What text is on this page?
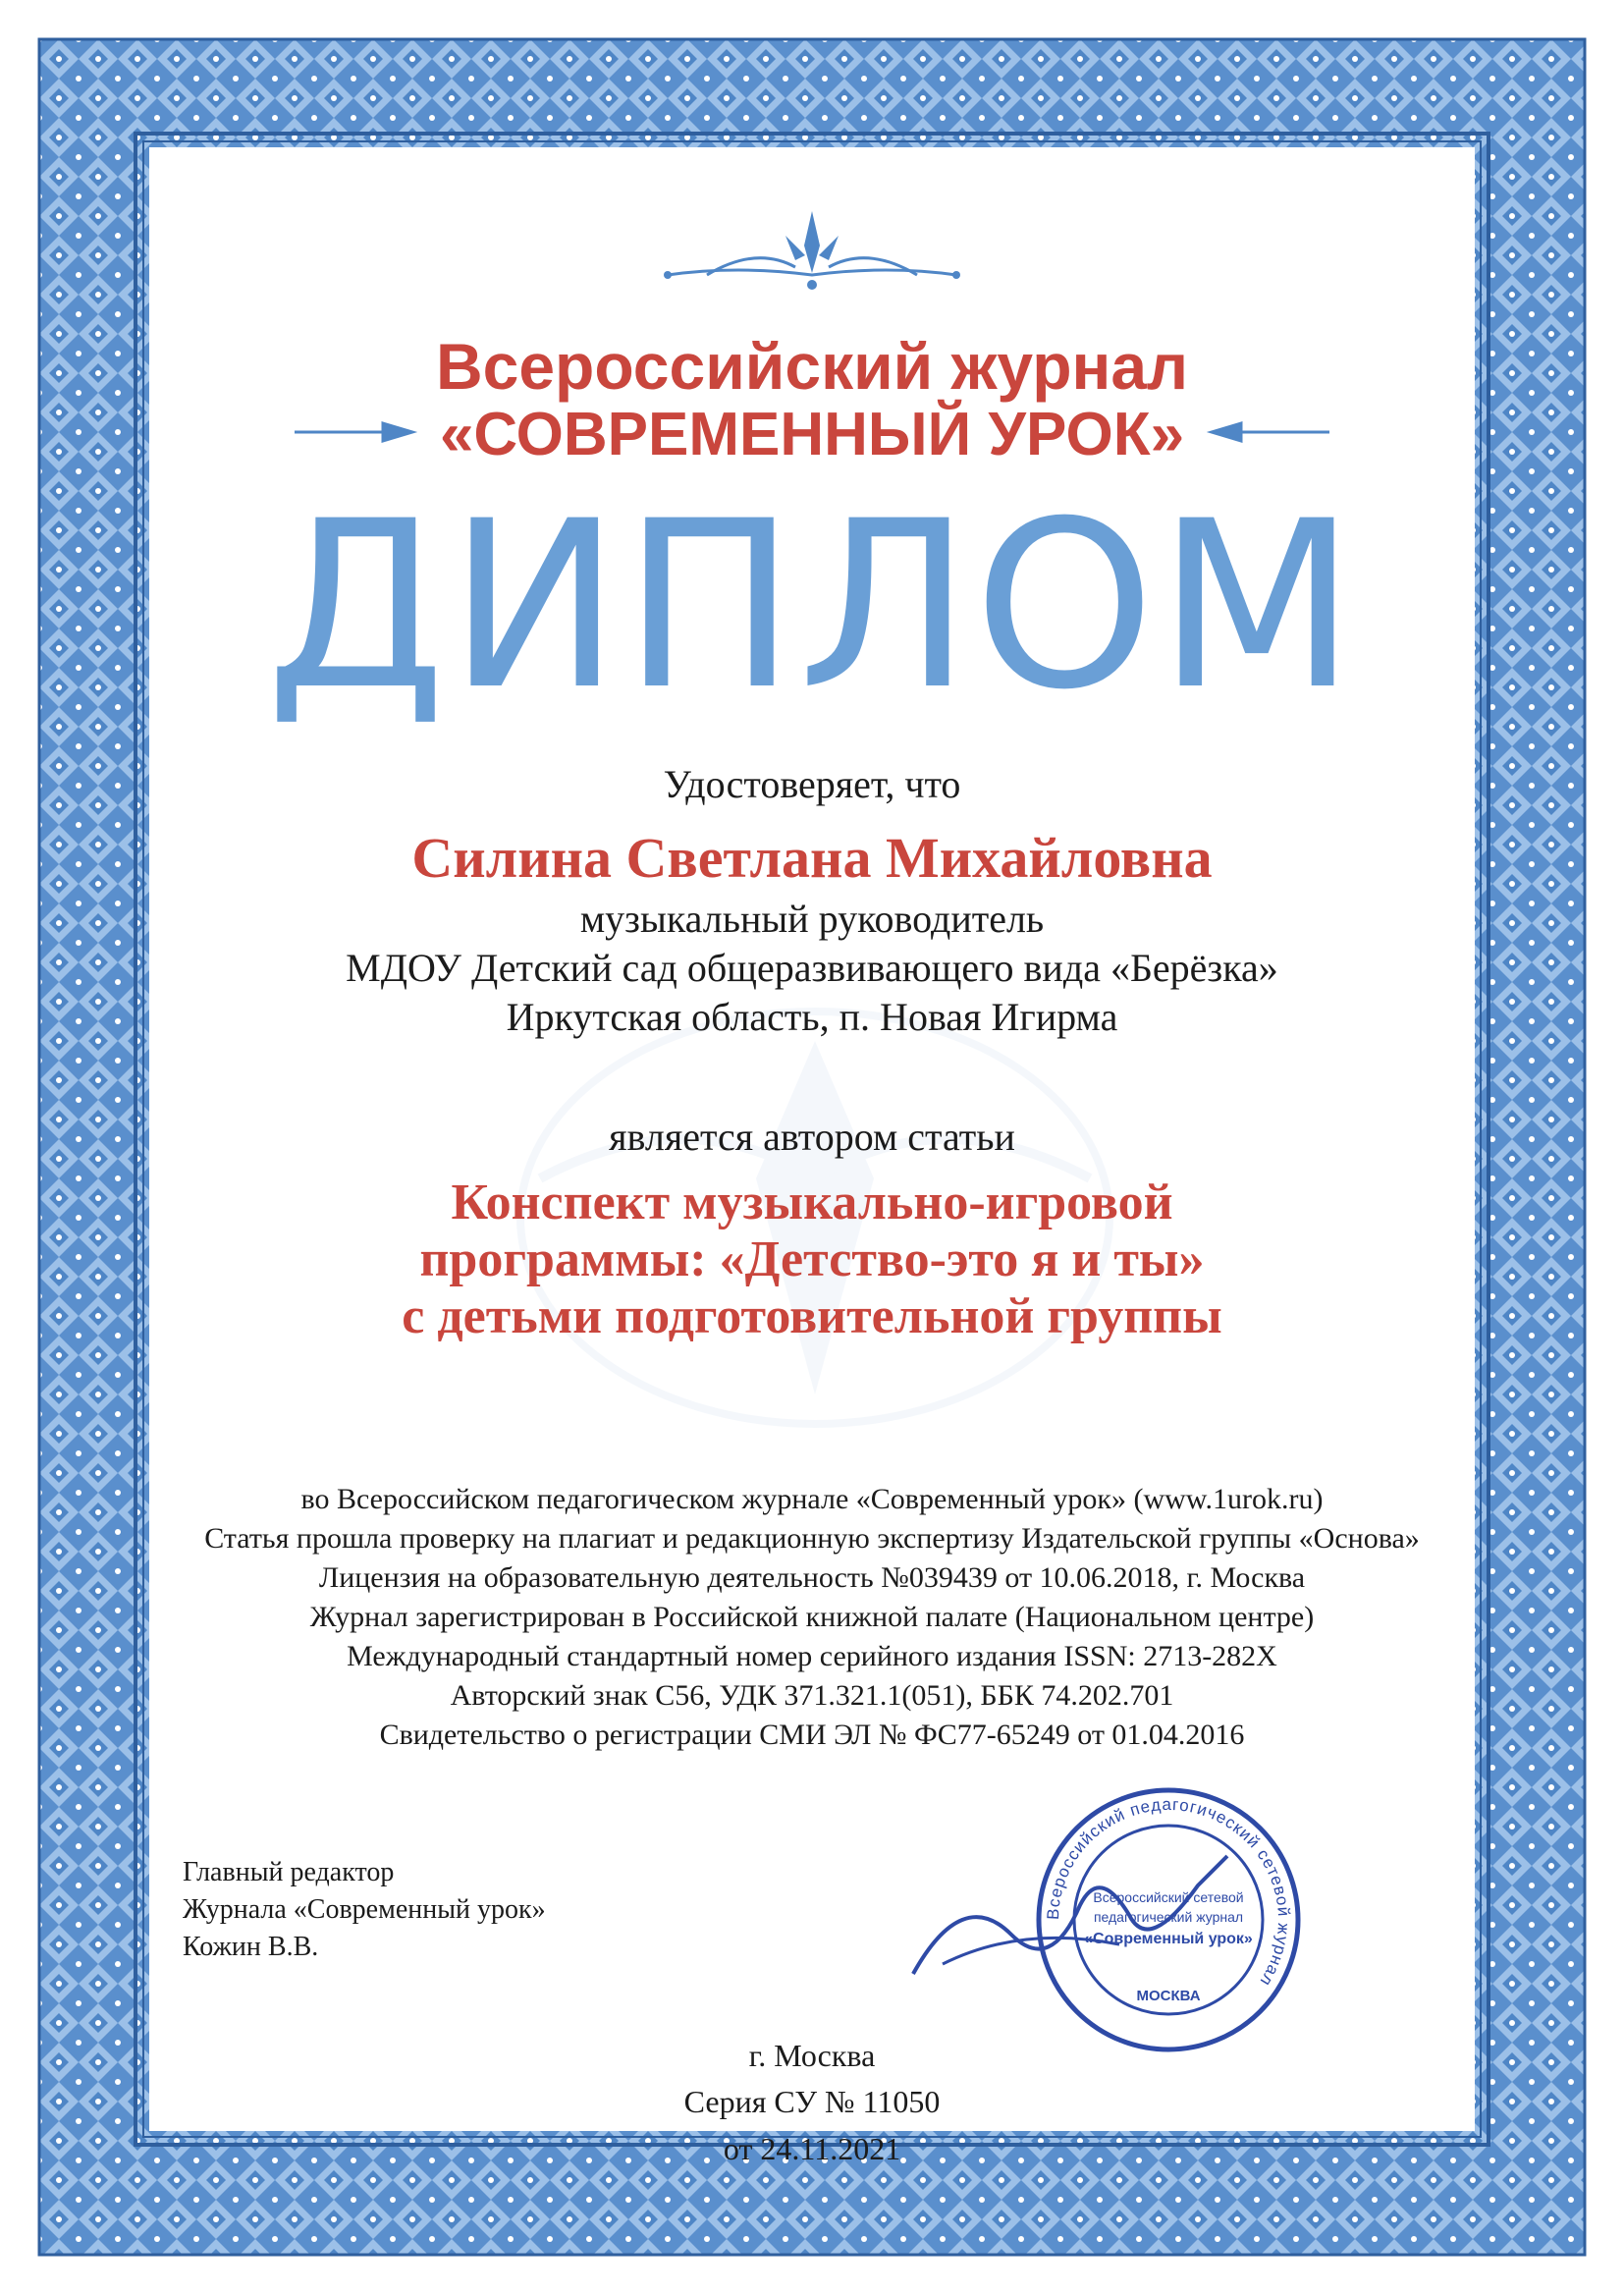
Всероссийский журнал
«СОВРЕМЕННЫЙ УРОК»
ДИПЛОМ
Удостоверяет, что
Силина Светлана Михайловна
музыкальный руководитель
МДОУ Детский сад общеразвивающего вида «Берёзка»
Иркутская область, п. Новая Игирма
является автором статьи
Конспект музыкально-игровой
программы: «Детство-это я и ты»
с детьми подготовительной группы
во Всероссийском педагогическом журнале «Современный урок» (www.1urok.ru)
Статья прошла проверку на плагиат и редакционную экспертизу Издательской группы «Основа»
Лицензия на образовательную деятельность №039439 от 10.06.2018, г. Москва
Журнал зарегистрирован в Российской книжной палате (Национальном центре)
Международный стандартный номер серийного издания ISSN: 2713-282X
Авторский знак С56, УДК 371.321.1(051), ББК 74.202.701
Свидетельство о регистрации СМИ ЭЛ № ФС77-65249 от 01.04.2016
Главный редактор
Журнала «Современный урок»
Кожин В.В.
Всероссийский педагогический сетевой журнал
Всероссийский сетевой
педагогический журнал
«Современный урок»
МОСКВА
г. Москва
Серия СУ № 11050
от 24.11.2021
